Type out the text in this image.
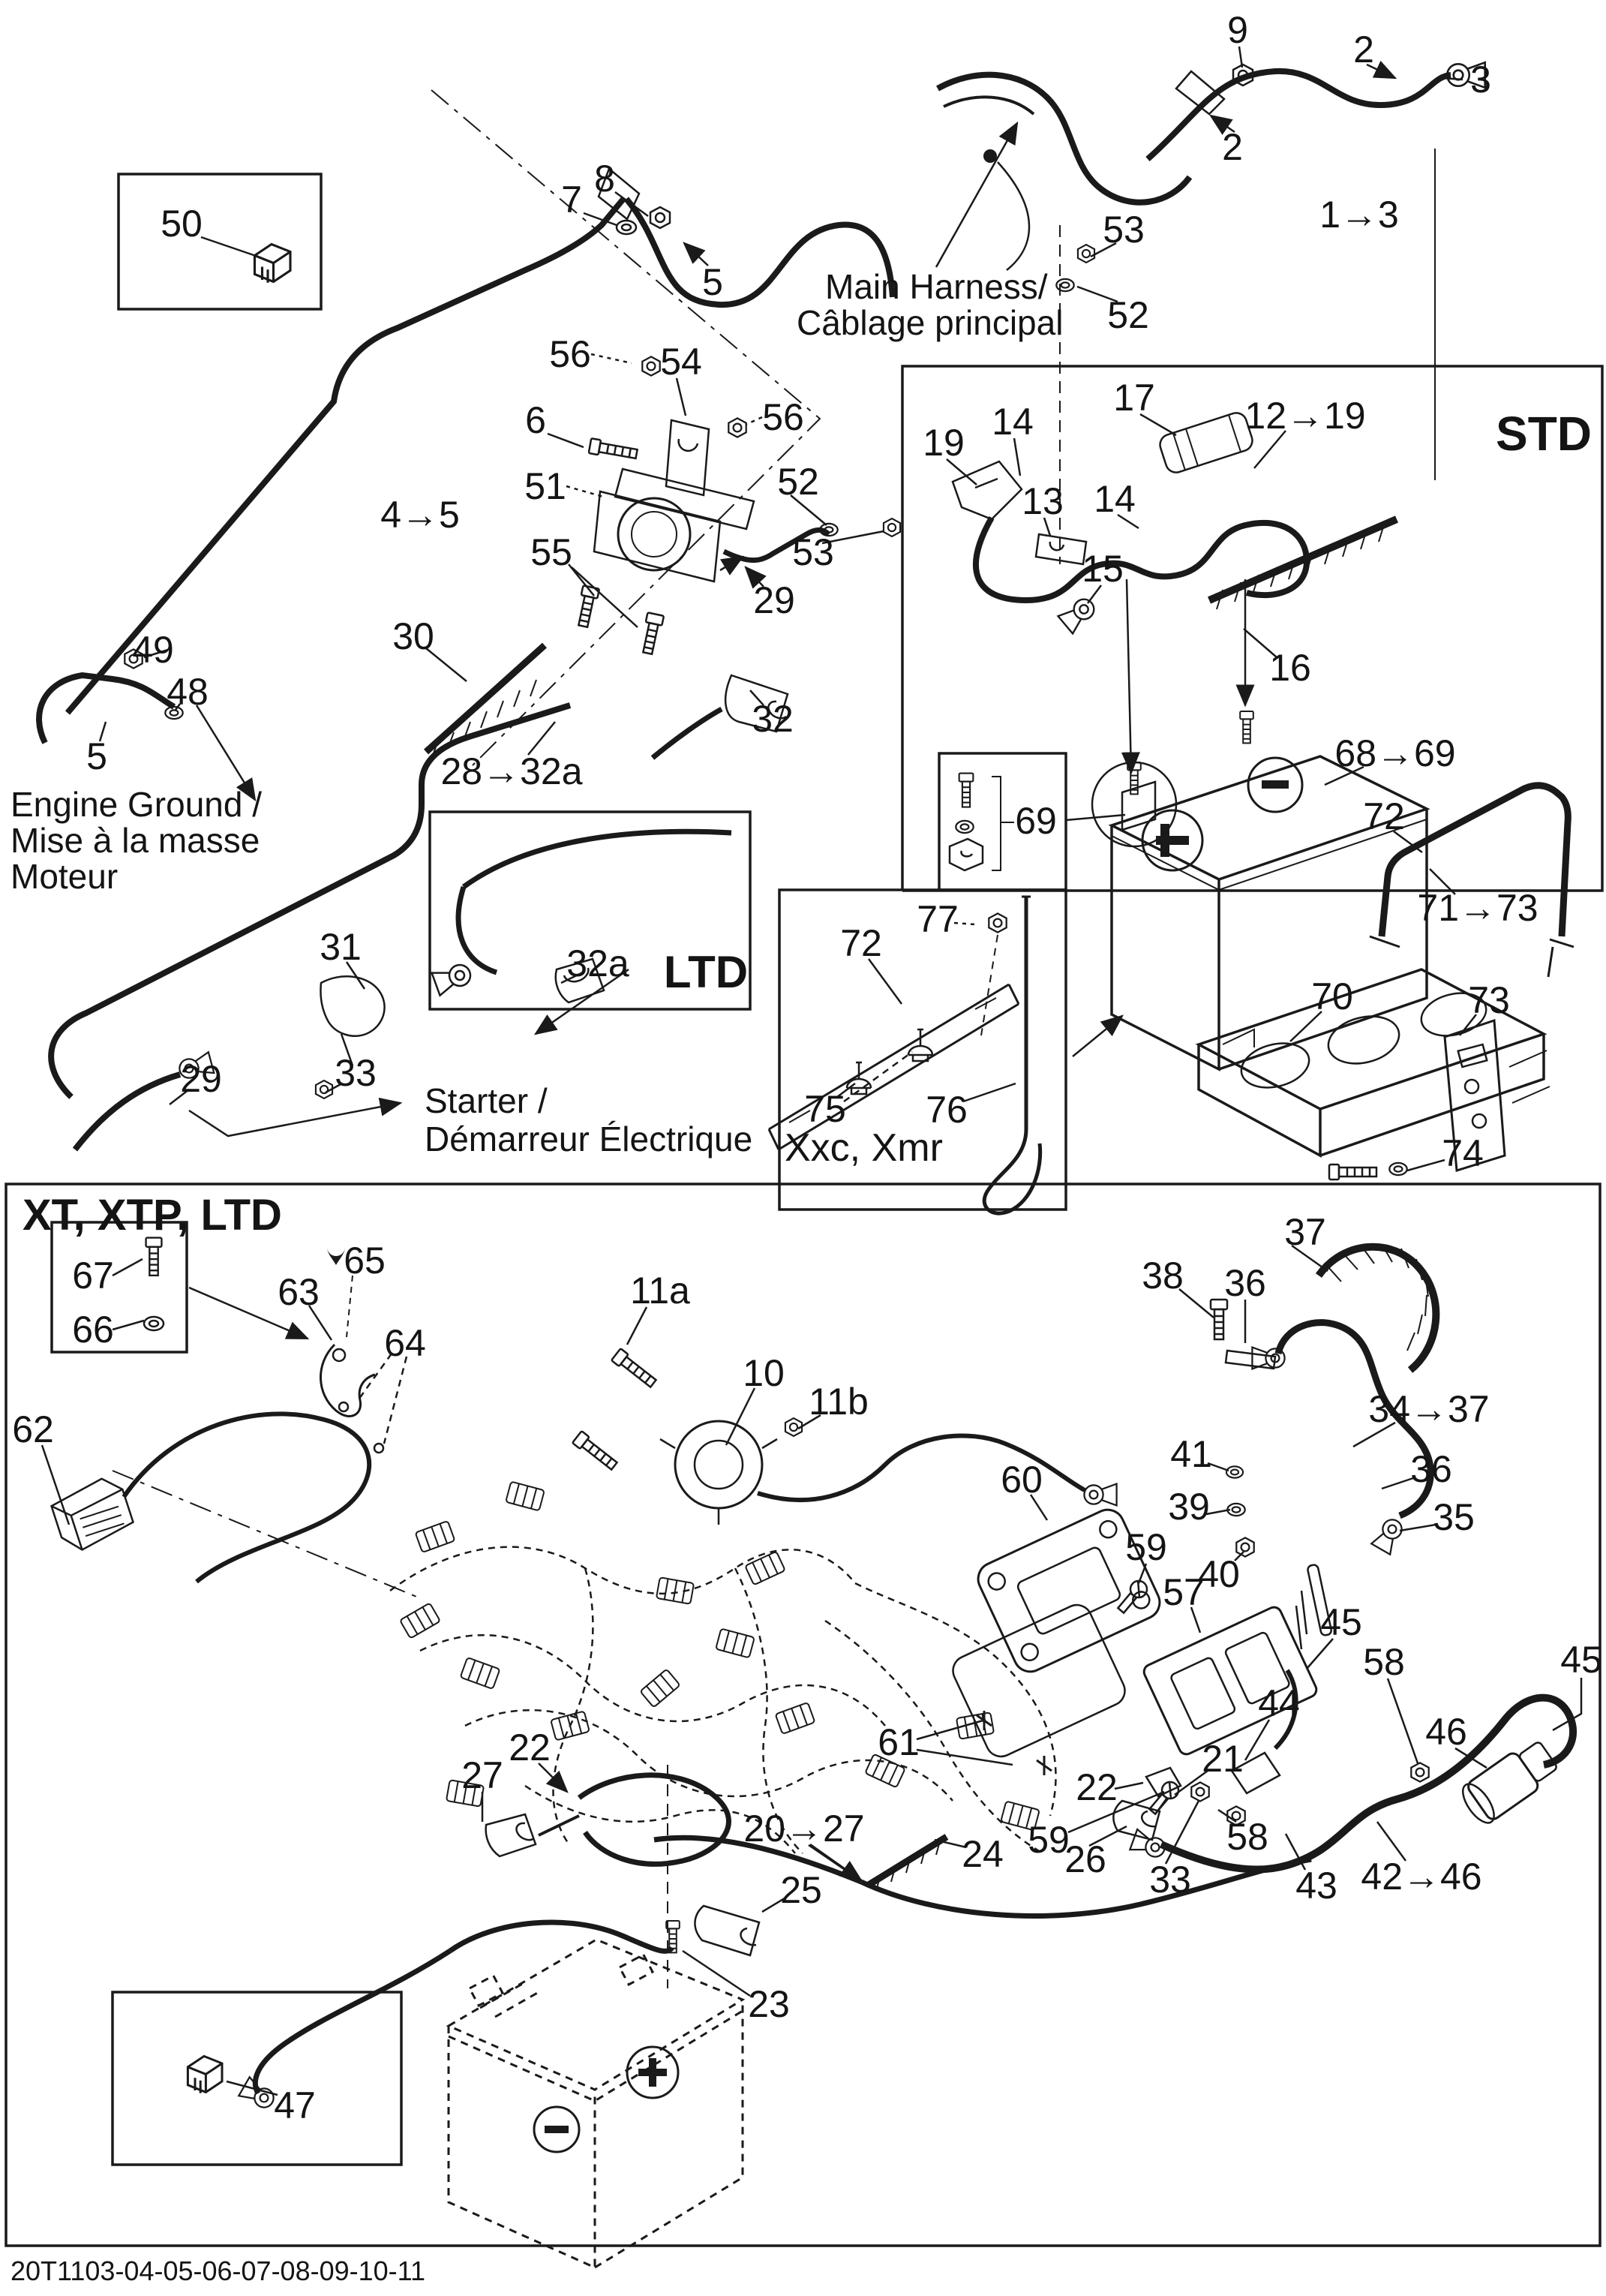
9	2
3
2
1→3
8
7
5	Main Harness/
Câblage principal
53
52
50
56 54
6	56
51	52
53
55
29
4→5
30
32
28→32a
49
48
5
Engine Ground /
Mise à la masse
Moteur
31	32a LTD
29	33
Starter /
Démarreur Électrique
STD
19 14
13
17
14
15
12→19
16
69
68→69
72
71→73
70	73
74
77
72
75 76
Xxc, Xmr
XT, XTP, LTD
67
66
62
65
63
64
11a
10
11b
37
38 36
34→37
41	36
39	35
40
60
59
57
61
59
20→27
27
22
24
25
26
22
58
58
33
21
43 42→46
44
45
45
46
23
47
20T1103-04-05-06-07-08-09-10-11
